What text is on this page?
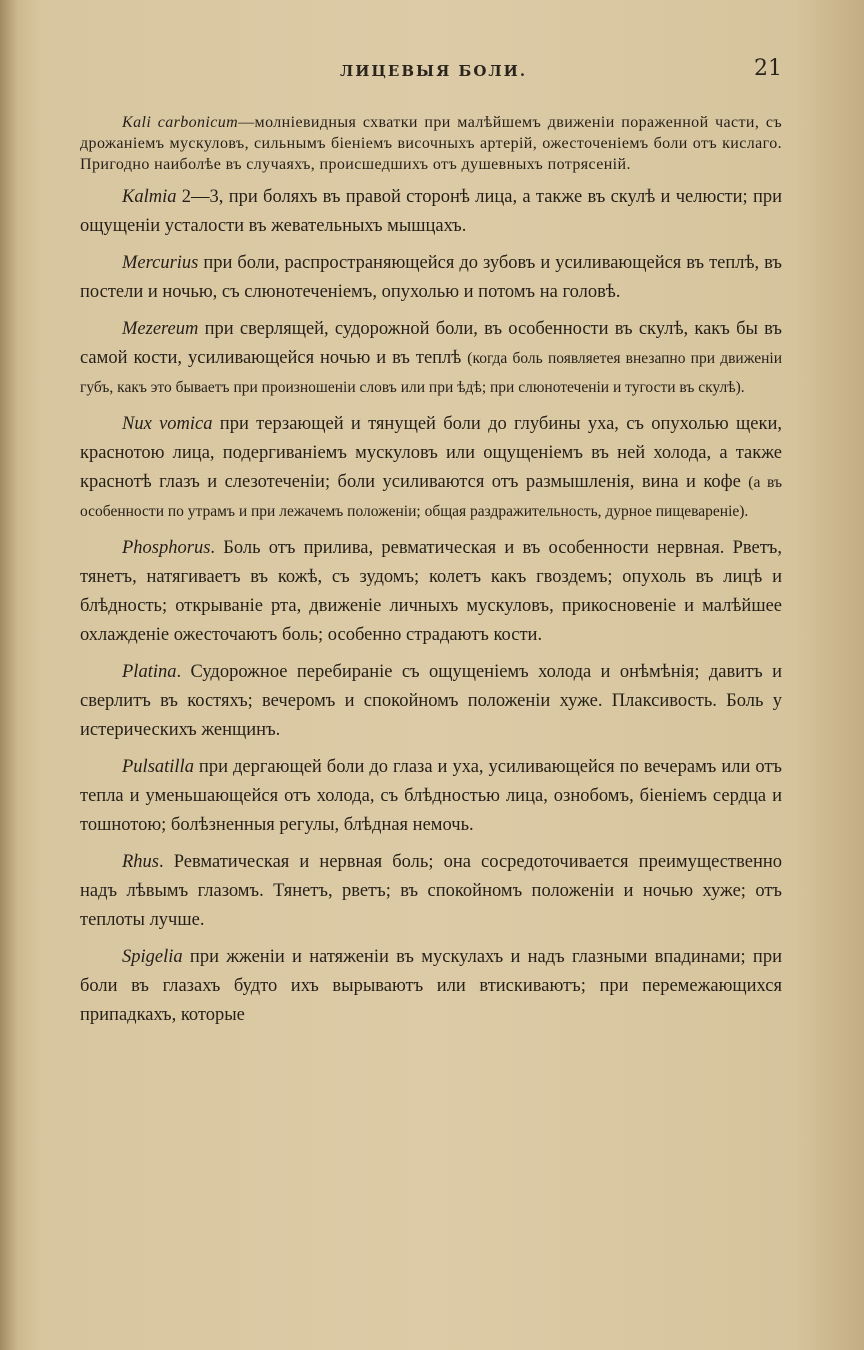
ЛИЦЕВЫЯ БОЛИ.	21

Kali carbonicum—молніевидныя схватки при малѣйшемъ движеніи пораженной части, съ дрожаніемъ мускуловъ, сильнымъ біеніемъ височныхъ артерій, ожесточеніемъ боли отъ кислаго. Пригодно наиболѣе въ случаяхъ, происшедшихъ отъ душевныхъ потрясеній.

Kalmia 2—3, при боляхъ въ правой сторонѣ лица, а также въ скулѣ и челюсти; при ощущеніи усталости въ жевательныхъ мышцахъ.

Mercurius при боли, распространяющейся до зубовъ и усиливающейся въ теплѣ, въ постели и ночью, съ слюнотеченіемъ, опухолью и потомъ на головѣ.

Mezereum при сверлящей, судорожной боли, въ особенности въ скулѣ, какъ бы въ самой кости, усиливающейся ночью и въ теплѣ (когда боль появляетея внезапно при движеніи губъ, какъ это бываетъ при произношеніи словъ или при ѣдѣ; при слюнотеченіи и тугости въ скулѣ).

Nux vomica при терзающей и тянущей боли до глубины уха, съ опухолью щеки, краснотою лица, подергиваніемъ мускуловъ или ощущеніемъ въ ней холода, а также краснотѣ глазъ и слезотеченіи; боли усиливаются отъ размышленія, вина и кофе (а въ особенности по утрамъ и при лежачемъ положеніи; общая раздражительность, дурное пищевареніе).

Phosphorus. Боль отъ прилива, ревматическая и въ особенности нервная. Рветъ, тянетъ, натягиваетъ въ кожѣ, съ зудомъ; колетъ какъ гвоздемъ; опухоль въ лицѣ и блѣдность; открываніе рта, движеніе личныхъ мускуловъ, прикосновеніе и малѣйшее охлажденіе ожесточаютъ боль; особенно страдаютъ кости.

Platina. Судорожное перебираніе съ ощущеніемъ холода и онѣмѣнія; давитъ и сверлитъ въ костяхъ; вечеромъ и спокойномъ положеніи хуже. Плаксивость. Боль у истерическихъ женщинъ.

Pulsatilla при дергающей боли до глаза и уха, усиливающейся по вечерамъ или отъ тепла и уменьшающейся отъ холода, съ блѣдностью лица, ознобомъ, біеніемъ сердца и тошнотою; болѣзненныя регулы, блѣдная немочь.

Rhus. Ревматическая и нервная боль; она сосредоточивается преимущественно надъ лѣвымъ глазомъ. Тянетъ, рветъ; въ спокойномъ положеніи и ночью хуже; отъ теплоты лучше.

Spigelia при жженіи и натяженіи въ мускулахъ и надъ глазными впадинами; при боли въ глазахъ будто ихъ вырываютъ или втискиваютъ; при перемежающихся припадкахъ, которые
